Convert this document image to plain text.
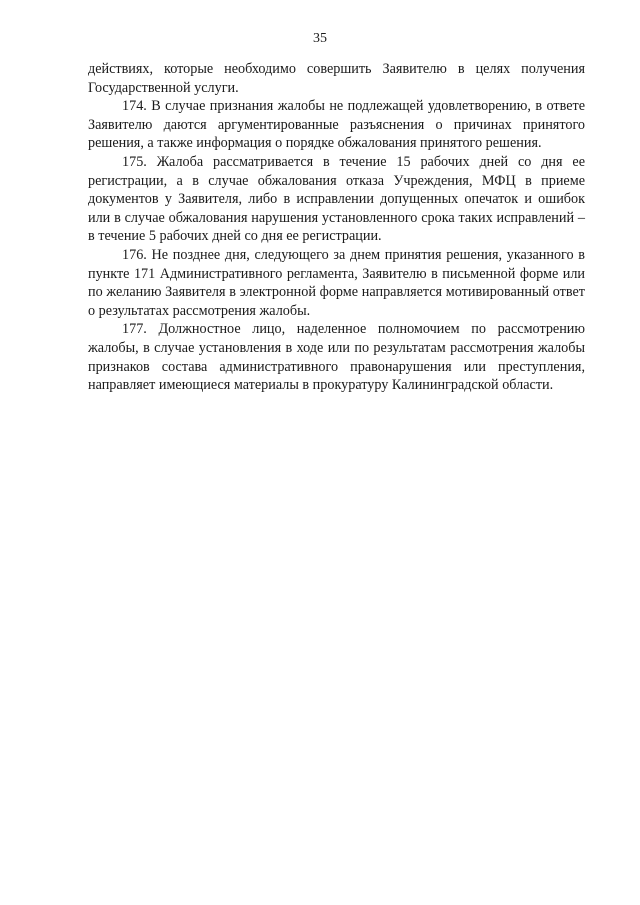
35

действиях, которые необходимо совершить Заявителю в целях получения Государственной услуги.

174. В случае признания жалобы не подлежащей удовлетворению, в ответе Заявителю даются аргументированные разъяснения о причинах принятого решения, а также информация о порядке обжалования принятого решения.

175. Жалоба рассматривается в течение 15 рабочих дней со дня ее регистрации, а в случае обжалования отказа Учреждения, МФЦ в приеме документов у Заявителя, либо в исправлении допущенных опечаток и ошибок или в случае обжалования нарушения установленного срока таких исправлений – в течение 5 рабочих дней со дня ее регистрации.

176. Не позднее дня, следующего за днем принятия решения, указанного в пункте 171 Административного регламента, Заявителю в письменной форме или по желанию Заявителя в электронной форме направляется мотивированный ответ о результатах рассмотрения жалобы.

177. Должностное лицо, наделенное полномочием по рассмотрению жалобы, в случае установления в ходе или по результатам рассмотрения жалобы признаков состава административного правонарушения или преступления, направляет имеющиеся материалы в прокуратуру Калининградской области.
